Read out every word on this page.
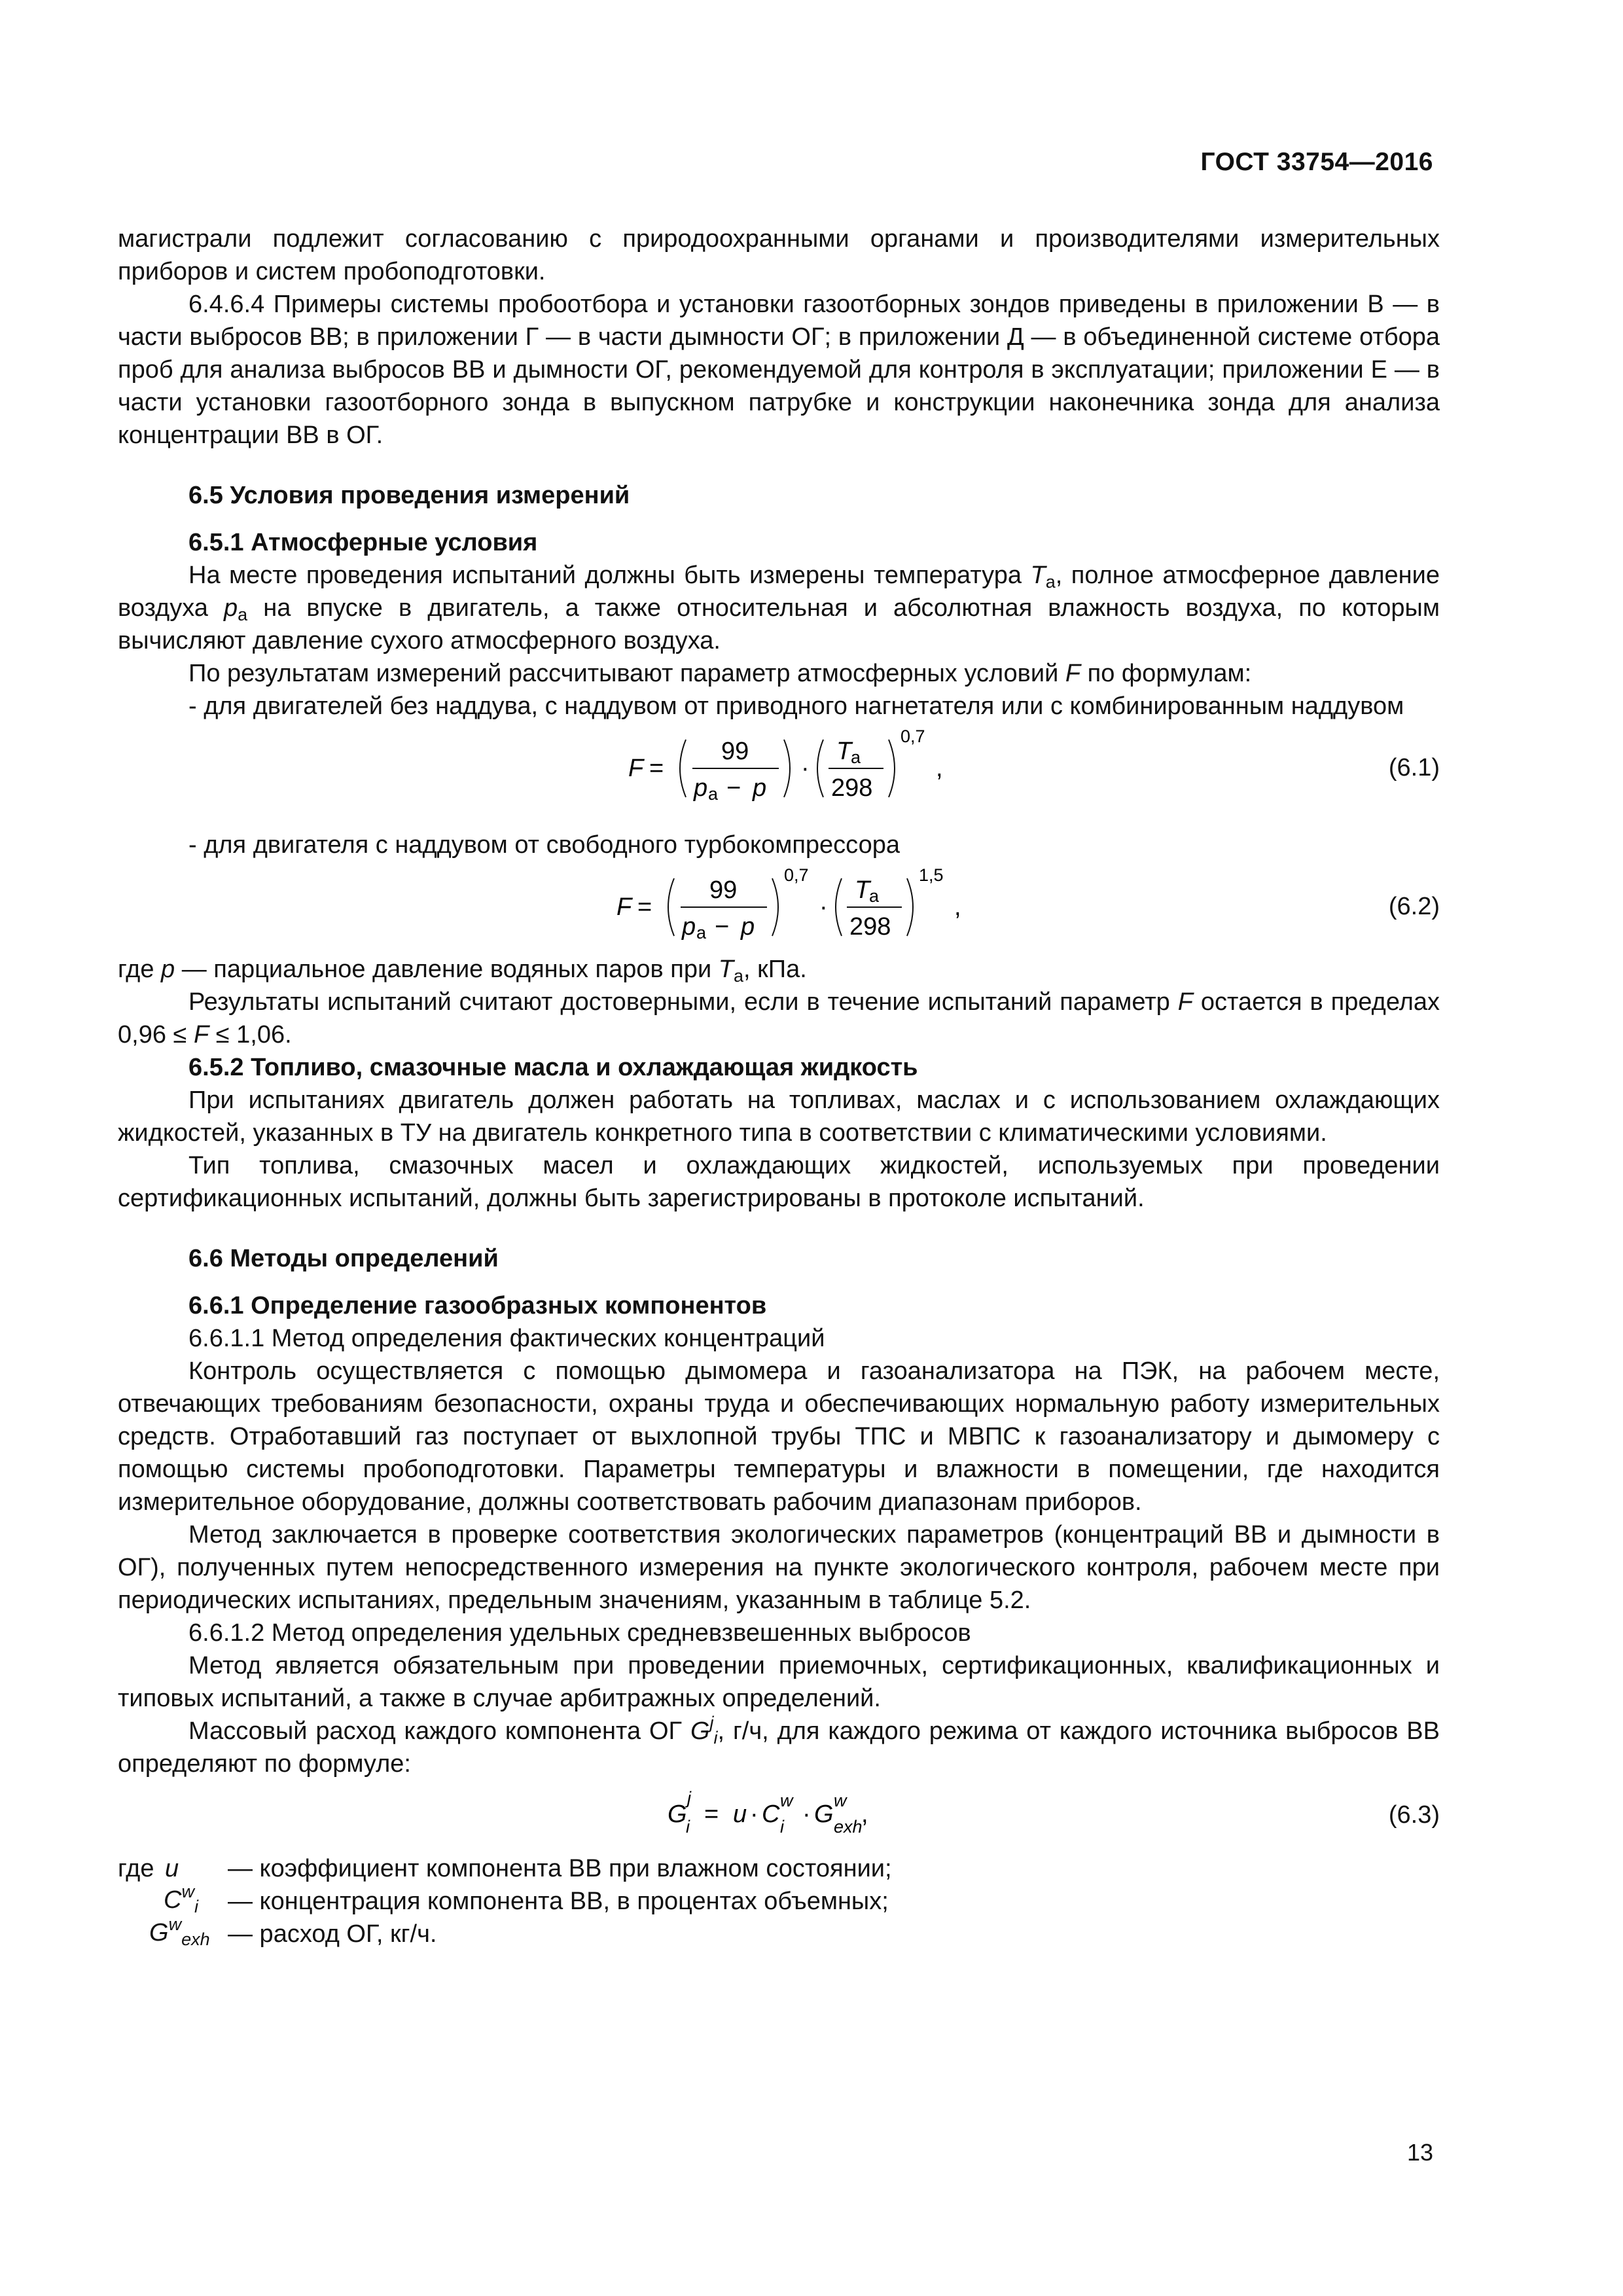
ГОСТ 33754—2016

магистрали подлежит согласованию с природоохранными органами и производителями измерительных приборов и систем пробоподготовки.

6.4.6.4 Примеры системы пробоотбора и установки газоотборных зондов приведены в приложении В — в части выбросов ВВ; в приложении Г — в части дымности ОГ; в приложении Д — в объединенной системе отбора проб для анализа выбросов ВВ и дымности ОГ, рекомендуемой для контроля в эксплуатации; приложении Е — в части установки газоотборного зонда в выпускном патрубке и конструкции наконечника зонда для анализа концентрации ВВ в ОГ.

6.5 Условия проведения измерений

6.5.1 Атмосферные условия

На месте проведения испытаний должны быть измерены температура $T_a$, полное атмосферное давление воздуха $p_a$ на впуске в двигатель, а также относительная и абсолютная влажность воздуха, по которым вычисляют давление сухого атмосферного воздуха.

По результатам измерений рассчитывают параметр атмосферных условий F по формулам:

- для двигателей без наддува, с наддувом от приводного нагнетателя или с комбинированным наддувом

F =
99
p a − p
·
T
a
298
0,7
,	(6.1)

- для двигателя с наддувом от свободного турбокомпрессора

F =
99
p a − p
0,7
·
T
a
298
1,5
,	(6.2)

где p — парциальное давление водяных паров при $T_a$, кПа.

Результаты испытаний считают достоверными, если в течение испытаний параметр F остается в пределах 0,96 ≤ F ≤ 1,06.

6.5.2 Топливо, смазочные масла и охлаждающая жидкость

При испытаниях двигатель должен работать на топливах, маслах и с использованием охлаждающих жидкостей, указанных в ТУ на двигатель конкретного типа в соответствии с климатическими условиями.

Тип топлива, смазочных масел и охлаждающих жидкостей, используемых при проведении сертификационных испытаний, должны быть зарегистрированы в протоколе испытаний.

6.6 Методы определений

6.6.1 Определение газообразных компонентов

6.6.1.1 Метод определения фактических концентраций

Контроль осуществляется с помощью дымомера и газоанализатора на ПЭК, на рабочем месте, отвечающих требованиям безопасности, охраны труда и обеспечивающих нормальную работу измерительных средств. Отработавший газ поступает от выхлопной трубы ТПС и МВПС к газоанализатору и дымомеру с помощью системы пробоподготовки. Параметры температуры и влажности в помещении, где находится измерительное оборудование, должны соответствовать рабочим диапазонам приборов.

Метод заключается в проверке соответствия экологических параметров (концентраций ВВ и дымности в ОГ), полученных путем непосредственного измерения на пункте экологического контроля, рабочем месте при периодических испытаниях, предельным значениям, указанным в таблице 5.2.

6.6.1.2 Метод определения удельных средневзвешенных выбросов

Метод является обязательным при проведении приемочных, сертификационных, квалификационных и типовых испытаний, а также в случае арбитражных определений.

Массовый расход каждого компонента ОГ $G^j_i$, г/ч, для каждого режима от каждого источника выбросов ВВ определяют по формуле:

G
j
i = u · C w
i · G w
exh
,	(6.3)
где u — коэффициент компонента ВВ при влажном состоянии;
$C^w_i$ — концентрация компонента ВВ, в процентах объемных;
$G^w_{exh}$ — расход ОГ, кг/ч.
13
